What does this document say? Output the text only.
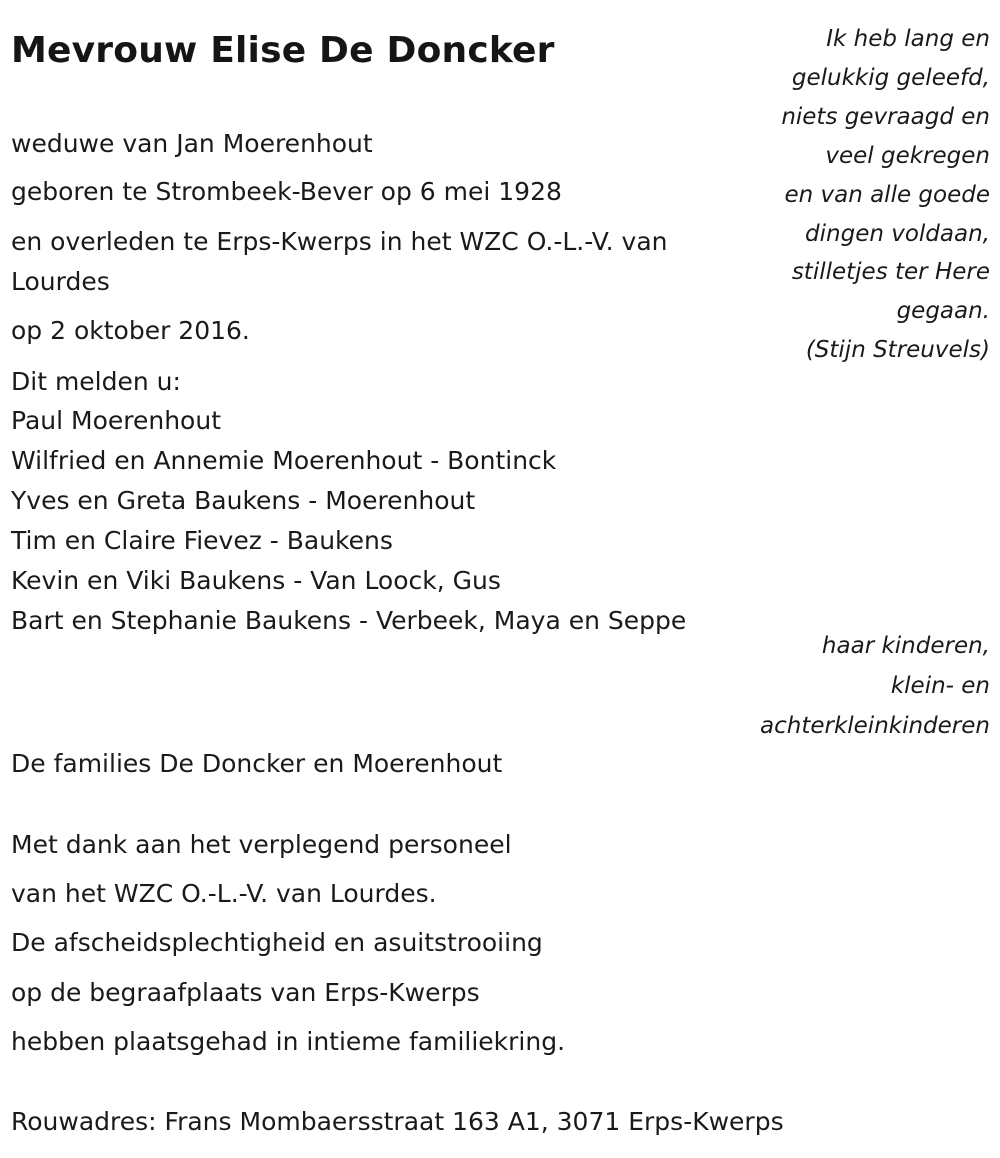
Mevrouw Elise De Doncker
weduwe van Jan Moerenhout
geboren te Strombeek-Bever op 6 mei 1928
en overleden te Erps-Kwerps in het WZC O.-L.-V. van Lourdes
op 2 oktober 2016.
Dit melden u:
Paul Moerenhout
Wilfried en Annemie Moerenhout - Bontinck
Yves en Greta Baukens - Moerenhout
Tim en Claire Fievez - Baukens
Kevin en Viki Baukens - Van Loock, Gus
Bart en Stephanie Baukens - Verbeek, Maya en Seppe
haar kinderen,
klein- en
achterkleinkinderen
De families De Doncker en Moerenhout
Met dank aan het verplegend personeel
van het WZC O.-L.-V. van Lourdes.
De afscheidsplechtigheid en asuitstrooiing
op de begraafplaats van Erps-Kwerps
hebben plaatsgehad in intieme familiekring.
Rouwadres: Frans Mombaersstraat 163 A1, 3071 Erps-Kwerps
Ik heb lang en
gelukkig geleefd,
niets gevraagd en
veel gekregen
en van alle goede
dingen voldaan,
stilletjes ter Here
gegaan.
(Stijn Streuvels)
